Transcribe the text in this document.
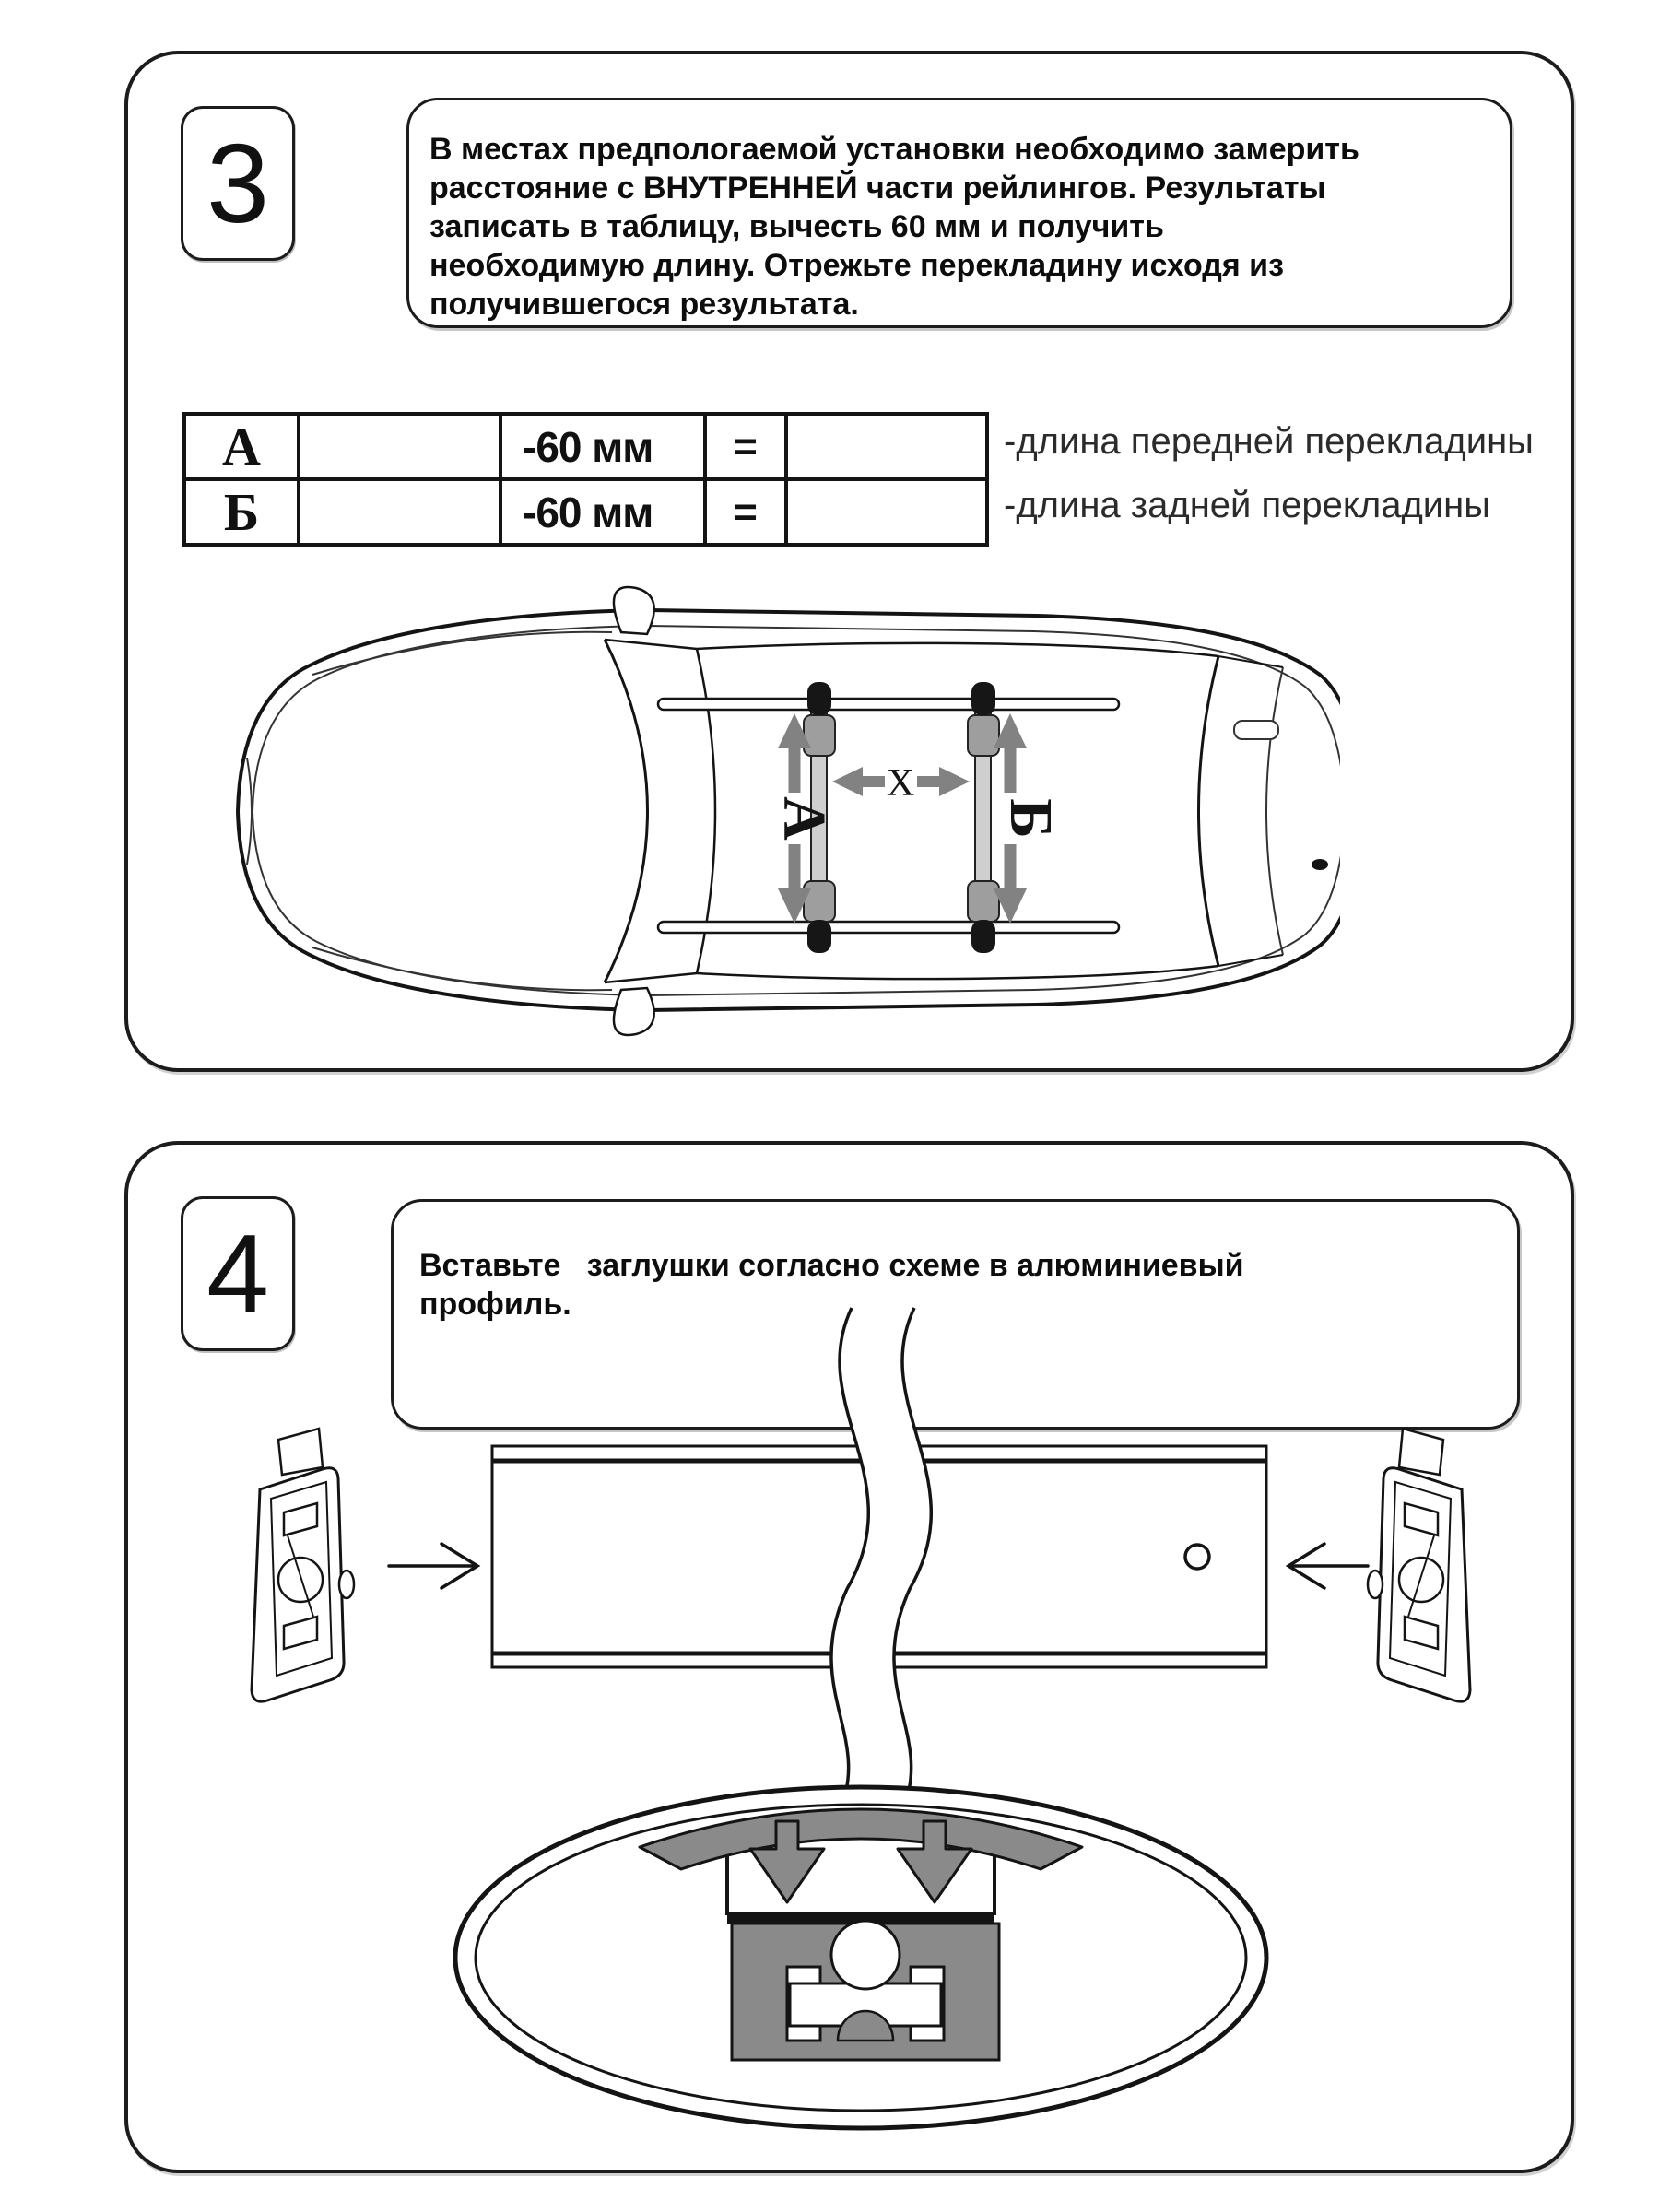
3	В местах предпологаемой установки необходимо замерить
расстояние с ВНУТРЕННЕЙ части рейлингов. Результаты
записать в таблицу, вычесть 60 мм и получить
необходимую длину. Отрежьте перекладину исходя из
получившегося результата.
А	-60 мм	=
Б	-60 мм	=
-длина передней перекладины
-длина задней перекладины
А	Б
X
4	Вставьте   заглушки согласно схеме в алюминиевый
профиль.
